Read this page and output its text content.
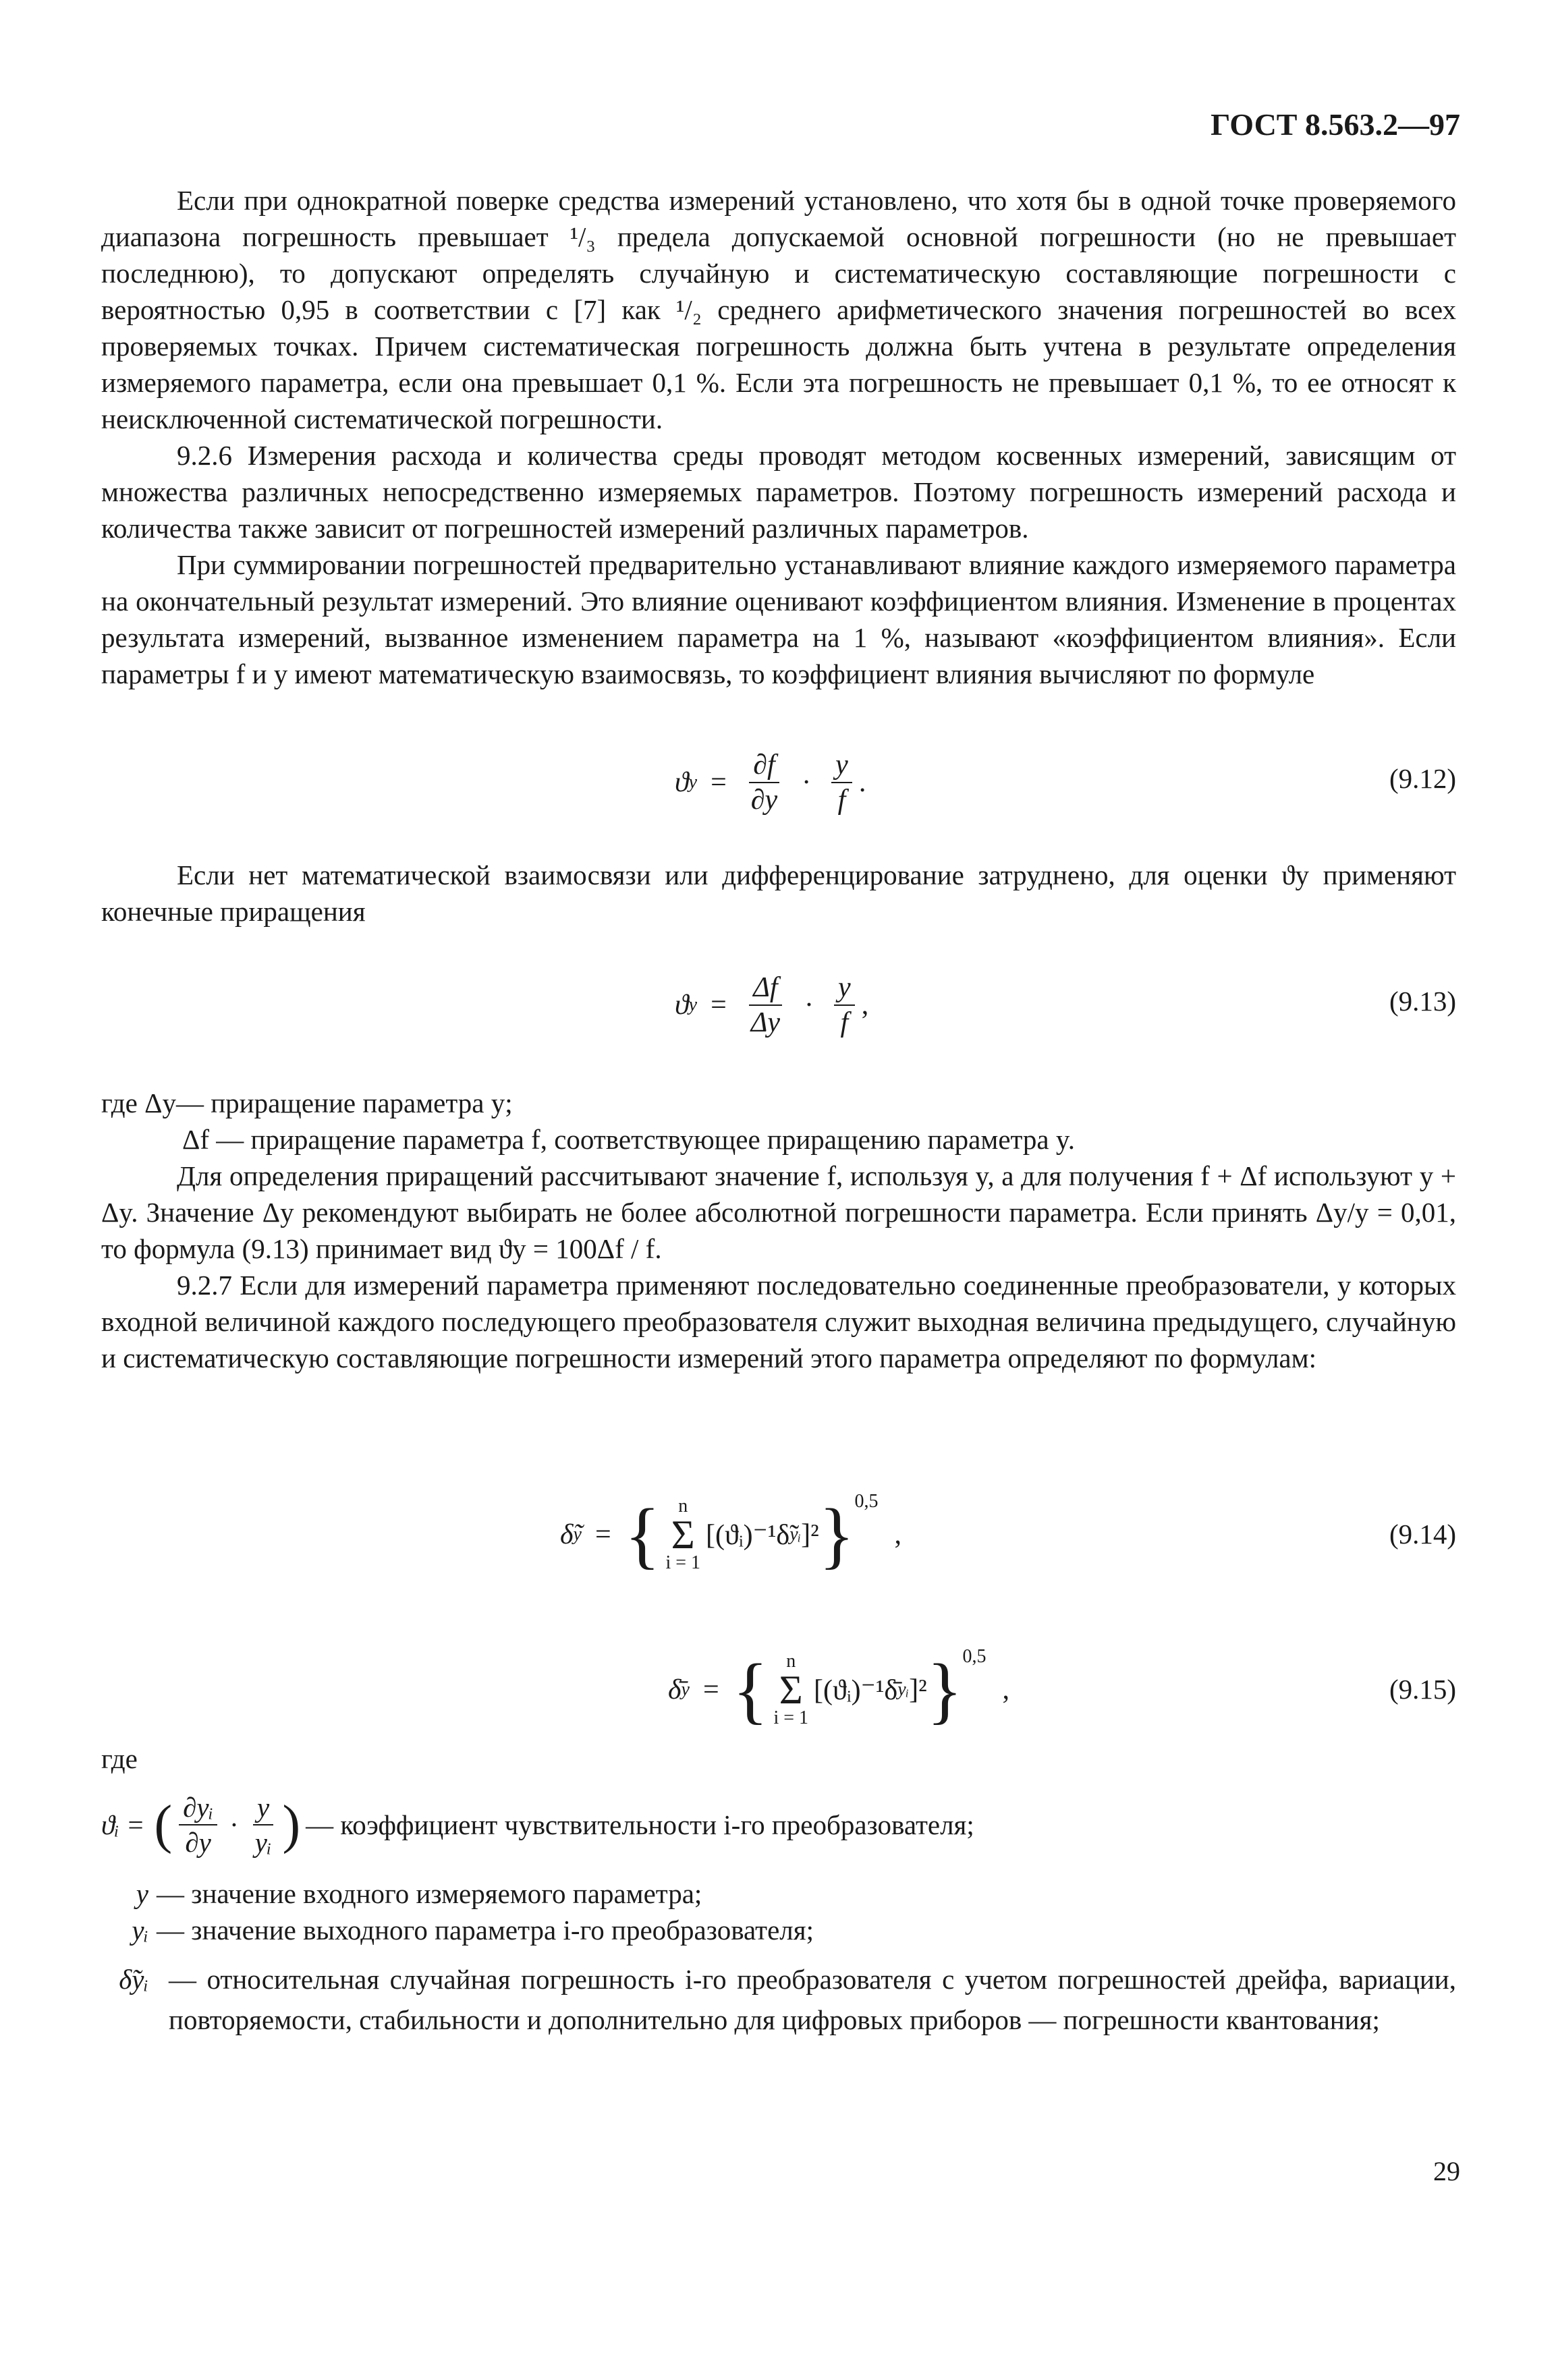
ГОСТ 8.563.2—97

Если при однократной поверке средства измерений установлено, что хотя бы в одной точке проверяемого диапазона погрешность превышает ¹/₃ предела допускаемой основной погрешности (но не превышает последнюю), то допускают определять случайную и систематическую составляющие погрешности с вероятностью 0,95 в соответствии с [7] как ¹/₂ среднего арифметического значения погрешностей во всех проверяемых точках. Причем систематическая погрешность должна быть учтена в результате определения измеряемого параметра, если она превышает 0,1 %. Если эта погрешность не превышает 0,1 %, то ее относят к неисключенной систематической погрешности.

9.2.6 Измерения расхода и количества среды проводят методом косвенных измерений, зависящим от множества различных непосредственно измеряемых параметров. Поэтому погрешность измерений расхода и количества также зависит от погрешностей измерений различных параметров.

При суммировании погрешностей предварительно устанавливают влияние каждого измеряемого параметра на окончательный результат измерений. Это влияние оценивают коэффициентом влияния. Изменение в процентах результата измерений, вызванное изменением параметра на 1 %, называют «коэффициентом влияния». Если параметры f и y имеют математическую взаимосвязь, то коэффициент влияния вычисляют по формуле

ϑ $y = \frac{\partial f}{\partial y} \cdot \frac{y}{f}$ .	(9.12)

Если нет математической взаимосвязи или дифференцирование затруднено, для оценки ϑy применяют конечные приращения

ϑ $y = \frac{\Delta f}{\Delta y} \cdot \frac{y}{f}$ ,	(9.13)

где Δy— приращение параметра y;

Δf — приращение параметра f, соответствующее приращению параметра y.

Для определения приращений рассчитывают значение f, используя y, а для получения f + Δf используют y + Δy. Значение Δy рекомендуют выбирать не более абсолютной погрешности параметра. Если принять Δy/y = 0,01, то формула (9.13) принимает вид ϑy = 100Δf / f.

9.2.7 Если для измерений параметра применяют последовательно соединенные преобразователи, у которых входной величиной каждого последующего преобразователя служит выходная величина предыдущего, случайную и систематическую составляющие погрешности измерений этого параметра определяют по формулам:

δ̃ y = { n
Σ
i = 1
[(ϑᵢ)⁻¹δ̃ yᵢ ]² } 0,5
,	(9.14)
δ̄ y = { n
Σ
i = 1
[(ϑᵢ)⁻¹δ̄ yᵢ ]² } 0,5
,	(9.15)

где

ϑᵢ = ( $\frac{\text{∂yᵢ}}{\partial y} \cdot \frac{y}{\text{yᵢ}}$ ) — коэффициент чувствительности i-го преобразователя;
y — значение входного измеряемого параметра;
yᵢ — значение выходного параметра i-го преобразователя;
δ̃yᵢ — относительная случайная погрешность i-го преобразователя с учетом погрешностей дрейфа, вариации, повторяемости, стабильности и дополнительно для цифровых приборов — погрешности квантования;
29
